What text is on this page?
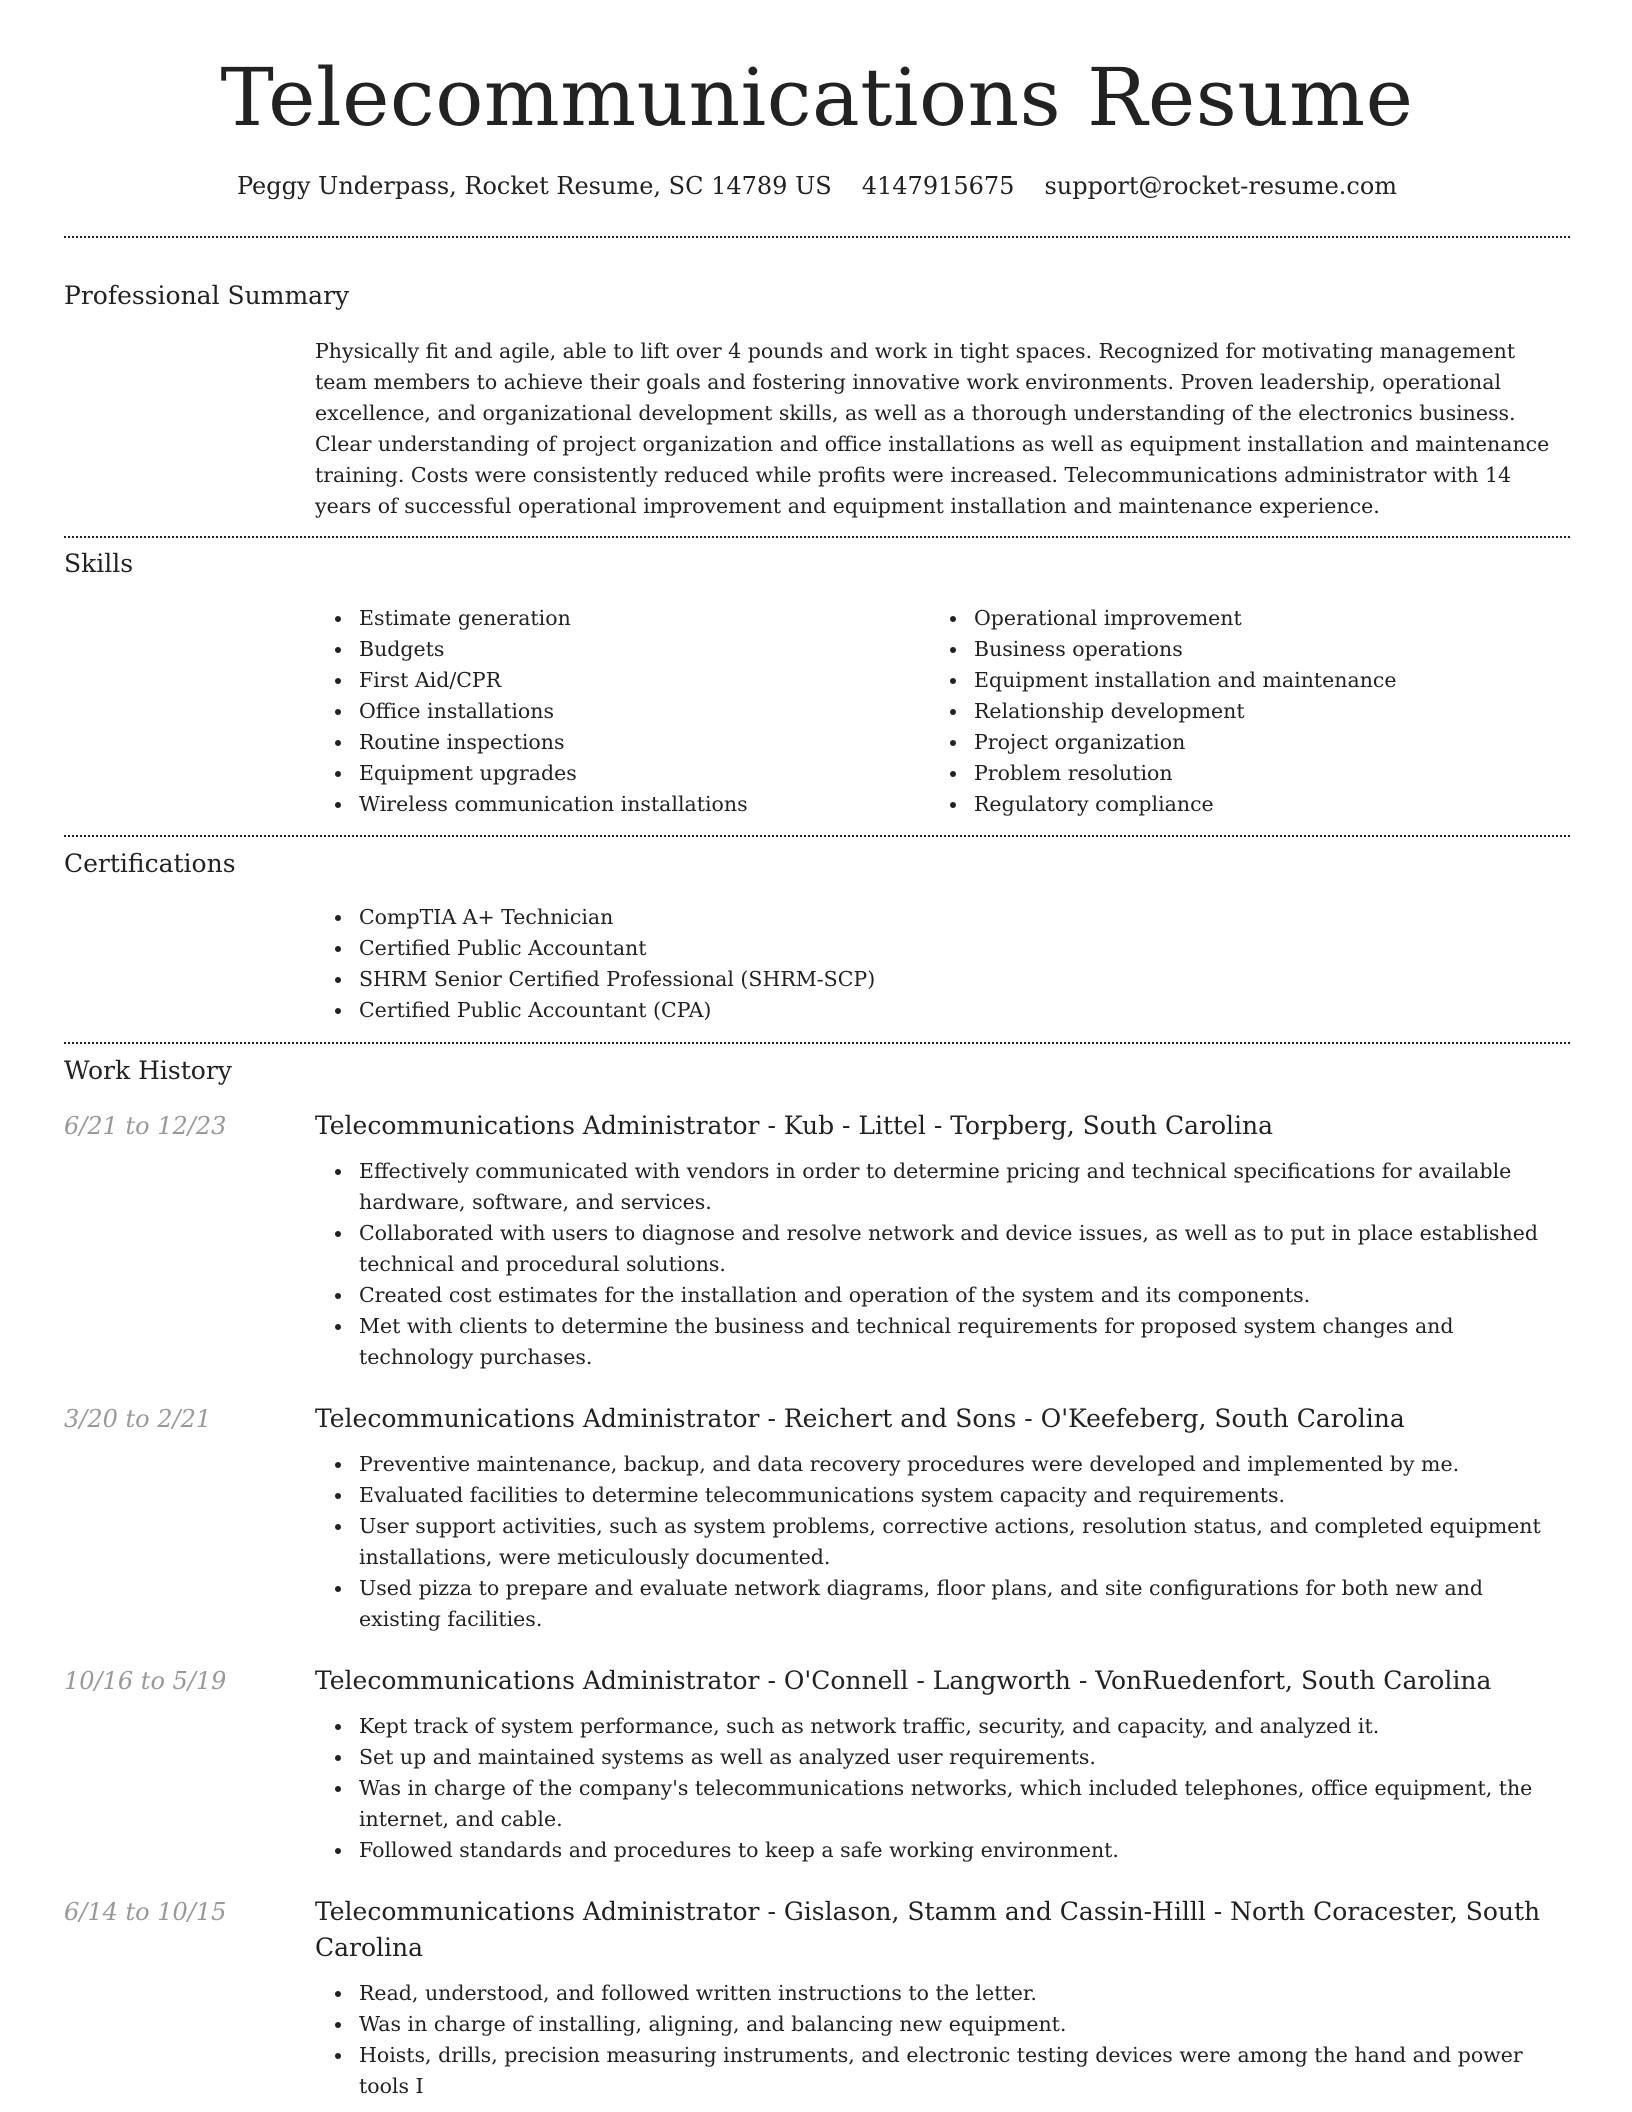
Telecommunications Resume
Peggy Underpass, Rocket Resume, SC 14789 US 4147915675 support@rocket-resume.com
Professional Summary
Physically fit and agile, able to lift over 4 pounds and work in tight spaces. Recognized for motivating management team members to achieve their goals and fostering innovative work environments. Proven leadership, operational excellence, and organizational development skills, as well as a thorough understanding of the electronics business. Clear understanding of project organization and office installations as well as equipment installation and maintenance training. Costs were consistently reduced while profits were increased. Telecommunications administrator with 14 years of successful operational improvement and equipment installation and maintenance experience.
Skills
Estimate generation
Budgets
First Aid/CPR
Office installations
Routine inspections
Equipment upgrades
Wireless communication installations
Operational improvement
Business operations
Equipment installation and maintenance
Relationship development
Project organization
Problem resolution
Regulatory compliance
Certifications
CompTIA A+ Technician
Certified Public Accountant
SHRM Senior Certified Professional (SHRM-SCP)
Certified Public Accountant (CPA)
Work History
6/21 to 12/23	Telecommunications Administrator - Kub - Littel - Torpberg, South Carolina
Effectively communicated with vendors in order to determine pricing and technical specifications for available hardware, software, and services.
Collaborated with users to diagnose and resolve network and device issues, as well as to put in place established technical and procedural solutions.
Created cost estimates for the installation and operation of the system and its components.
Met with clients to determine the business and technical requirements for proposed system changes and technology purchases.
3/20 to 2/21	Telecommunications Administrator - Reichert and Sons - O'Keefeberg, South Carolina
Preventive maintenance, backup, and data recovery procedures were developed and implemented by me.
Evaluated facilities to determine telecommunications system capacity and requirements.
User support activities, such as system problems, corrective actions, resolution status, and completed equipment installations, were meticulously documented.
Used pizza to prepare and evaluate network diagrams, floor plans, and site configurations for both new and existing facilities.
10/16 to 5/19	Telecommunications Administrator - O'Connell - Langworth - VonRuedenfort, South Carolina
Kept track of system performance, such as network traffic, security, and capacity, and analyzed it.
Set up and maintained systems as well as analyzed user requirements.
Was in charge of the company's telecommunications networks, which included telephones, office equipment, the internet, and cable.
Followed standards and procedures to keep a safe working environment.
6/14 to 10/15	Telecommunications Administrator - Gislason, Stamm and Cassin-Hilll - North Coracester, South Carolina
Read, understood, and followed written instructions to the letter.
Was in charge of installing, aligning, and balancing new equipment.
Hoists, drills, precision measuring instruments, and electronic testing devices were among the hand and power tools I
